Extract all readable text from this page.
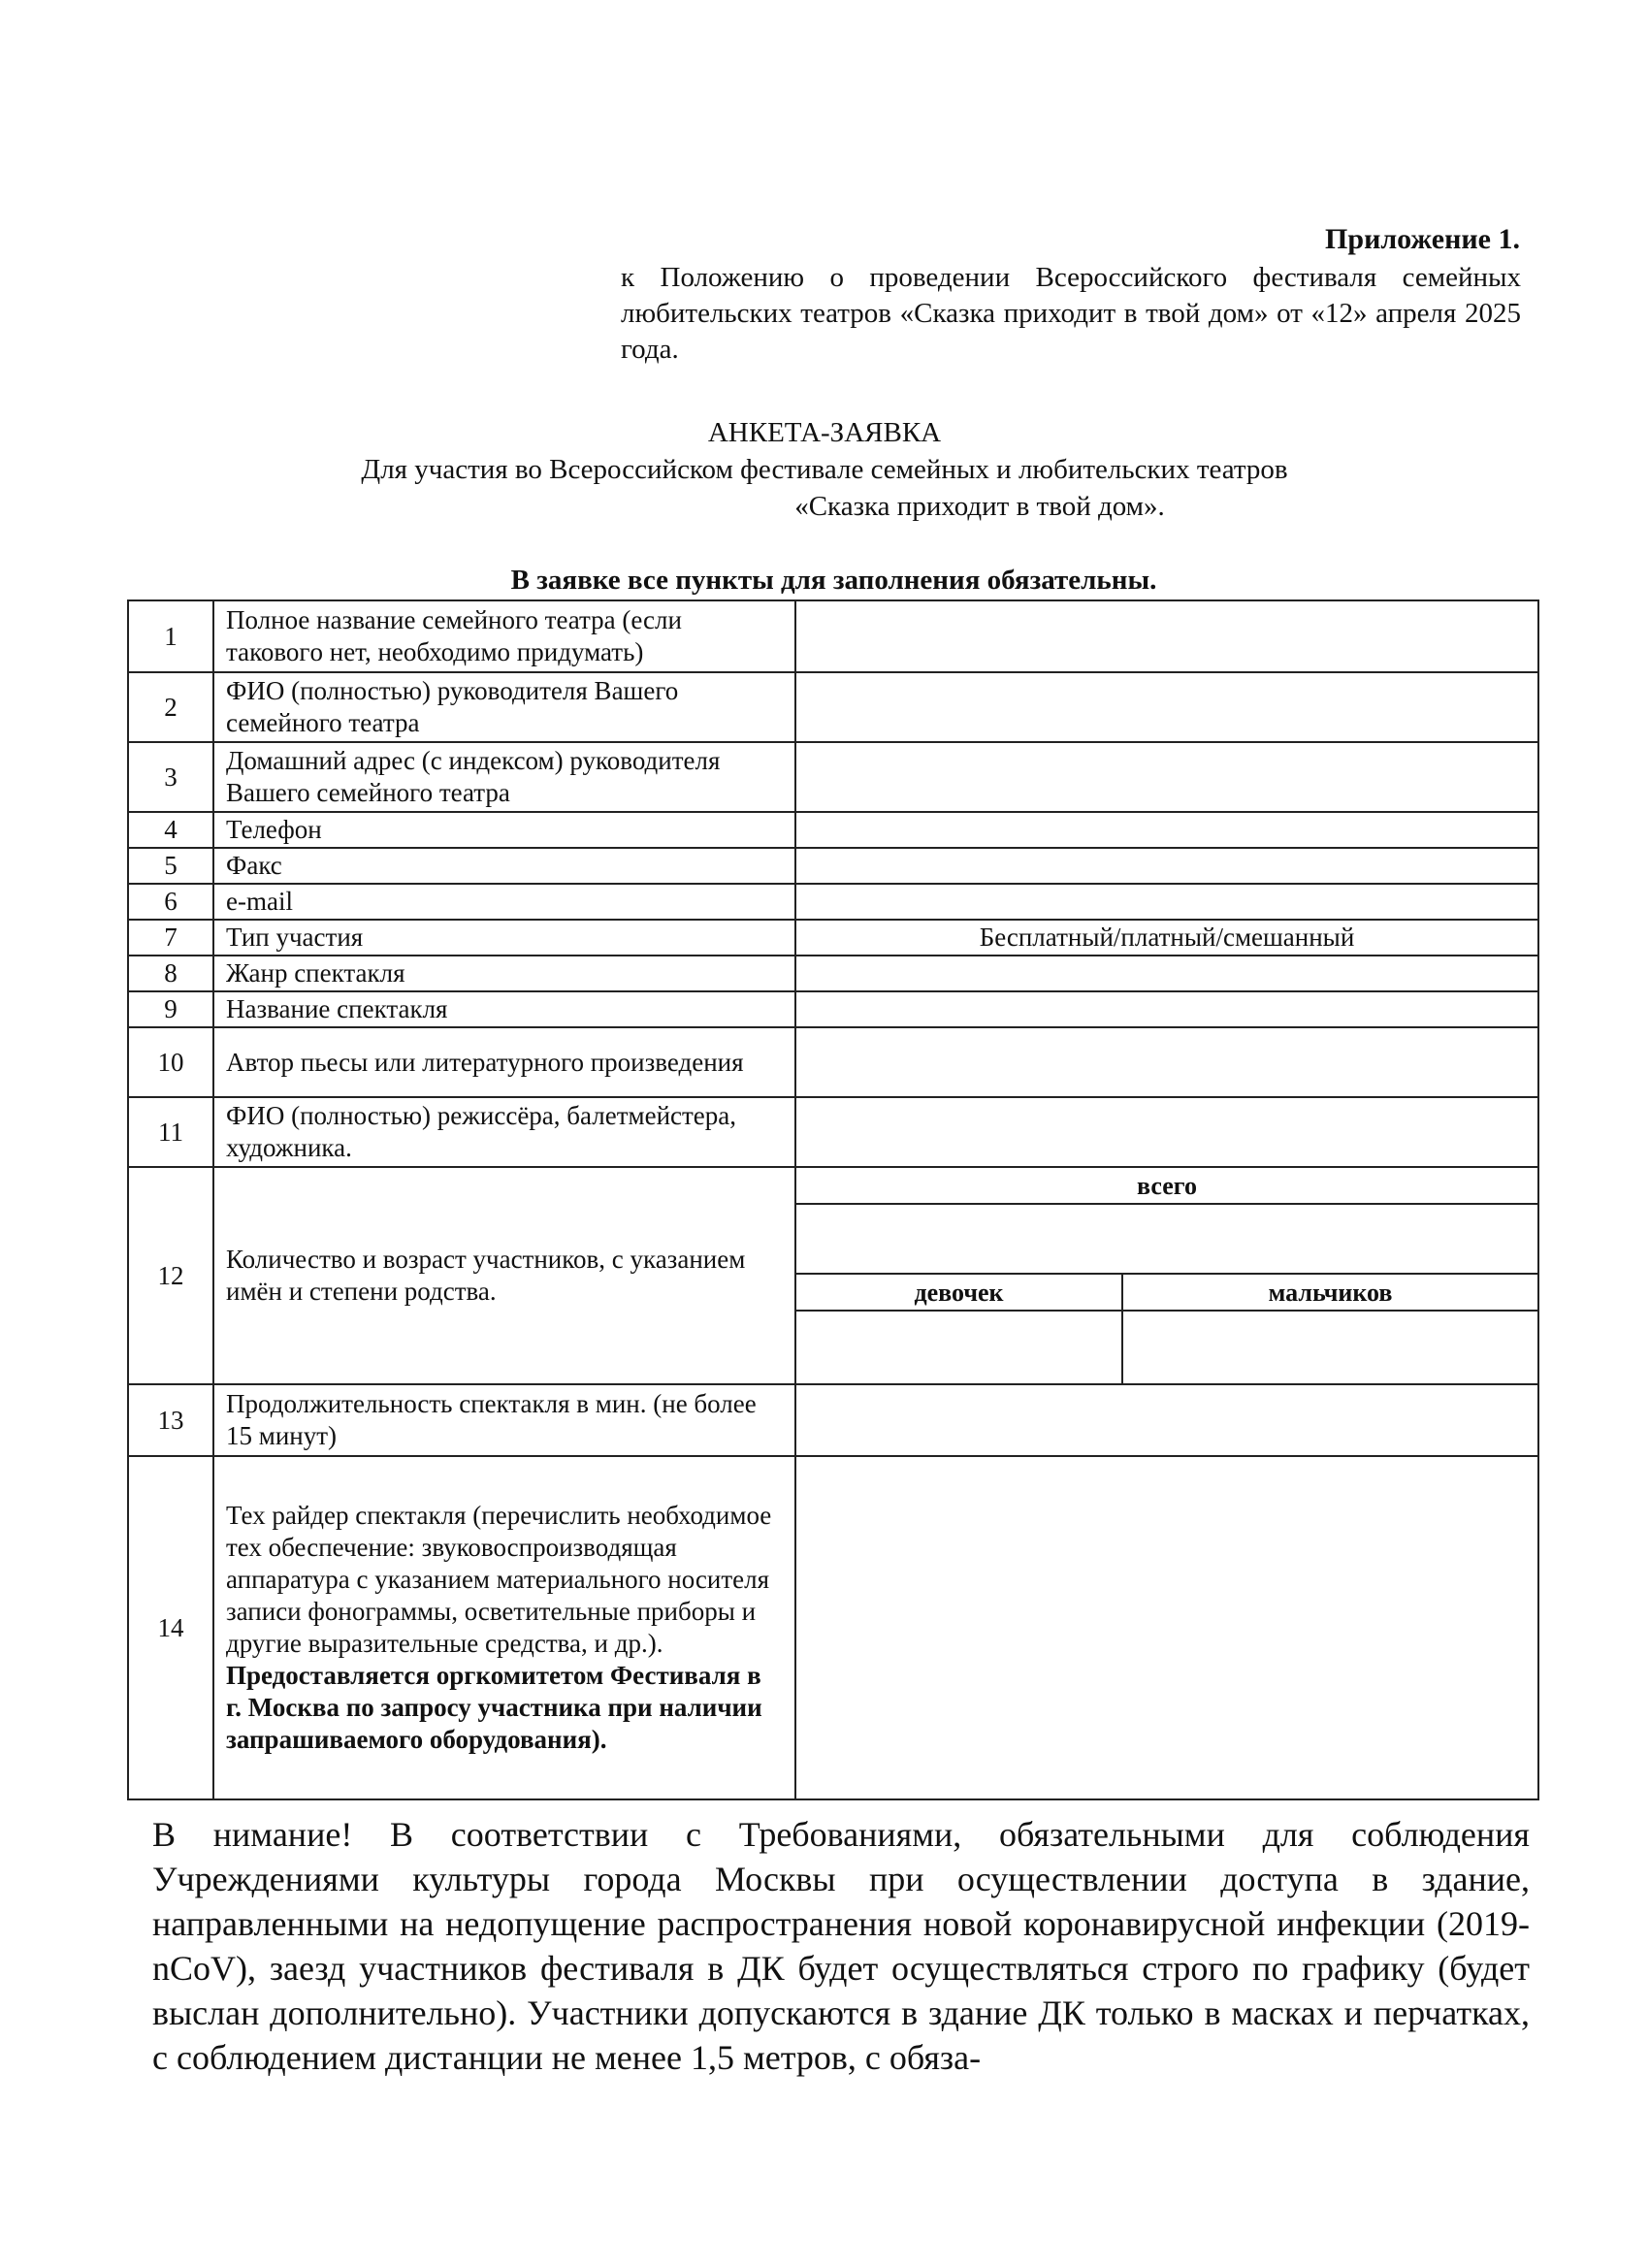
Приложение 1.
к Положению о проведении Всероссийского фестиваля семейных любительских театров «Сказка приходит в твой дом» от «12» апреля 2025 года.
АНКЕТА-ЗАЯВКА
Для участия во Всероссийском фестивале семейных и любительских театров
«Сказка приходит в твой дом».
В заявке все пункты для заполнения обязательны.
1	Полное название семейного театра (если таковогo нет, необходимо придумать)		
2	ФИО (полностью) руководителя Вашего семейного театра		
3	Домашний адрес (с индексом) руководителя Вашего семейного театра		
4	Телефон		
5	Факс		
6	e-mail		
7	Тип участия	Бесплатный/платный/смешанный	
8	Жанр спектакля		
9	Название спектакля		
10	Автор пьесы или литературного произведения		
11	ФИО (полностью) режиссёра, балетмейстера, художника.		
12	Количество и возраст участников, с указанием имён и степени родства.	всего	

		девочек	мальчиков

13	Продолжительность спектакля в мин. (не более 15 минут)		
14	Тех райдер спектакля (перечислить необходимое тех обеспечение: звуковоспроизводящая аппаратура с указанием материального носителя записи фонограммы, осветительные приборы и другие выразительные средства, и др.). Предоставляется оргкомитетом Фестиваля в г. Москва по запросу участника при наличии запрашиваемого оборудования).		
В нимание! В соответствии с Требованиями, обязательными для соблюдения Учреждениями культуры города Москвы при осуществлении доступа в здание, направленными на недопущение распространения новой коронавирусной инфекции (2019-nCoV), заезд участников фестиваля в ДК будет осуществляться строго по графику (будет выслан дополнительно). Участники допускаются в здание ДК только в масках и перчатках, с соблюдением дистанции не менее 1,5 метров, с обяза-
